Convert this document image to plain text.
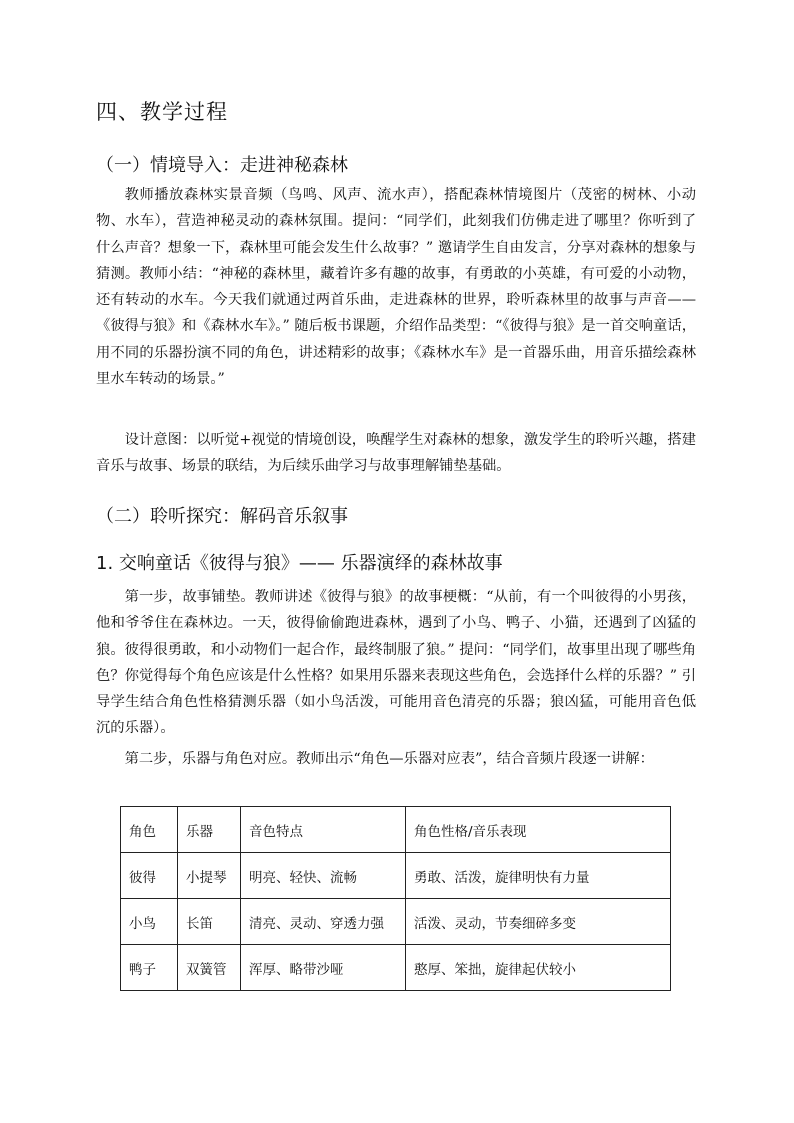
四、教学过程
（一）情境导入：走进神秘森林

教师播放森林实景音频（鸟鸣、风声、流水声），搭配森林情境图片（茂密的树林、小动物、水车），营造神秘灵动的森林氛围。提问：“同学们，此刻我们仿佛走进了哪里？你听到了什么声音？想象一下，森林里可能会发生什么故事？” 邀请学生自由发言，分享对森林的想象与猜测。教师小结：“神秘的森林里，藏着许多有趣的故事，有勇敢的小英雄，有可爱的小动物，还有转动的水车。今天我们就通过两首乐曲，走进森林的世界，聆听森林里的故事与声音——《彼得与狼》和《森林水车》。” 随后板书课题，介绍作品类型：“《彼得与狼》是一首交响童话，用不同的乐器扮演不同的角色，讲述精彩的故事；《森林水车》是一首器乐曲，用音乐描绘森林里水车转动的场景。”

设计意图：以听觉+视觉的情境创设，唤醒学生对森林的想象，激发学生的聆听兴趣，搭建音乐与故事、场景的联结，为后续乐曲学习与故事理解铺垫基础。

（二）聆听探究：解码音乐叙事
1. 交响童话《彼得与狼》—— 乐器演绎的森林故事

第一步，故事铺垫。教师讲述《彼得与狼》的故事梗概：“从前，有一个叫彼得的小男孩，他和爷爷住在森林边。一天，彼得偷偷跑进森林，遇到了小鸟、鸭子、小猫，还遇到了凶猛的狼。彼得很勇敢，和小动物们一起合作，最终制服了狼。” 提问：“同学们，故事里出现了哪些角色？你觉得每个角色应该是什么性格？如果用乐器来表现这些角色，会选择什么样的乐器？” 引导学生结合角色性格猜测乐器（如小鸟活泼，可能用音色清亮的乐器；狼凶猛，可能用音色低沉的乐器）。

第二步，乐器与角色对应。教师出示“角色—乐器对应表”，结合音频片段逐一讲解：

角色	乐器	音色特点	角色性格/音乐表现
彼得	小提琴	明亮、轻快、流畅	勇敢、活泼，旋律明快有力量
小鸟	长笛	清亮、灵动、穿透力强	活泼、灵动，节奏细碎多变
鸭子	双簧管	浑厚、略带沙哑	憨厚、笨拙，旋律起伏较小
